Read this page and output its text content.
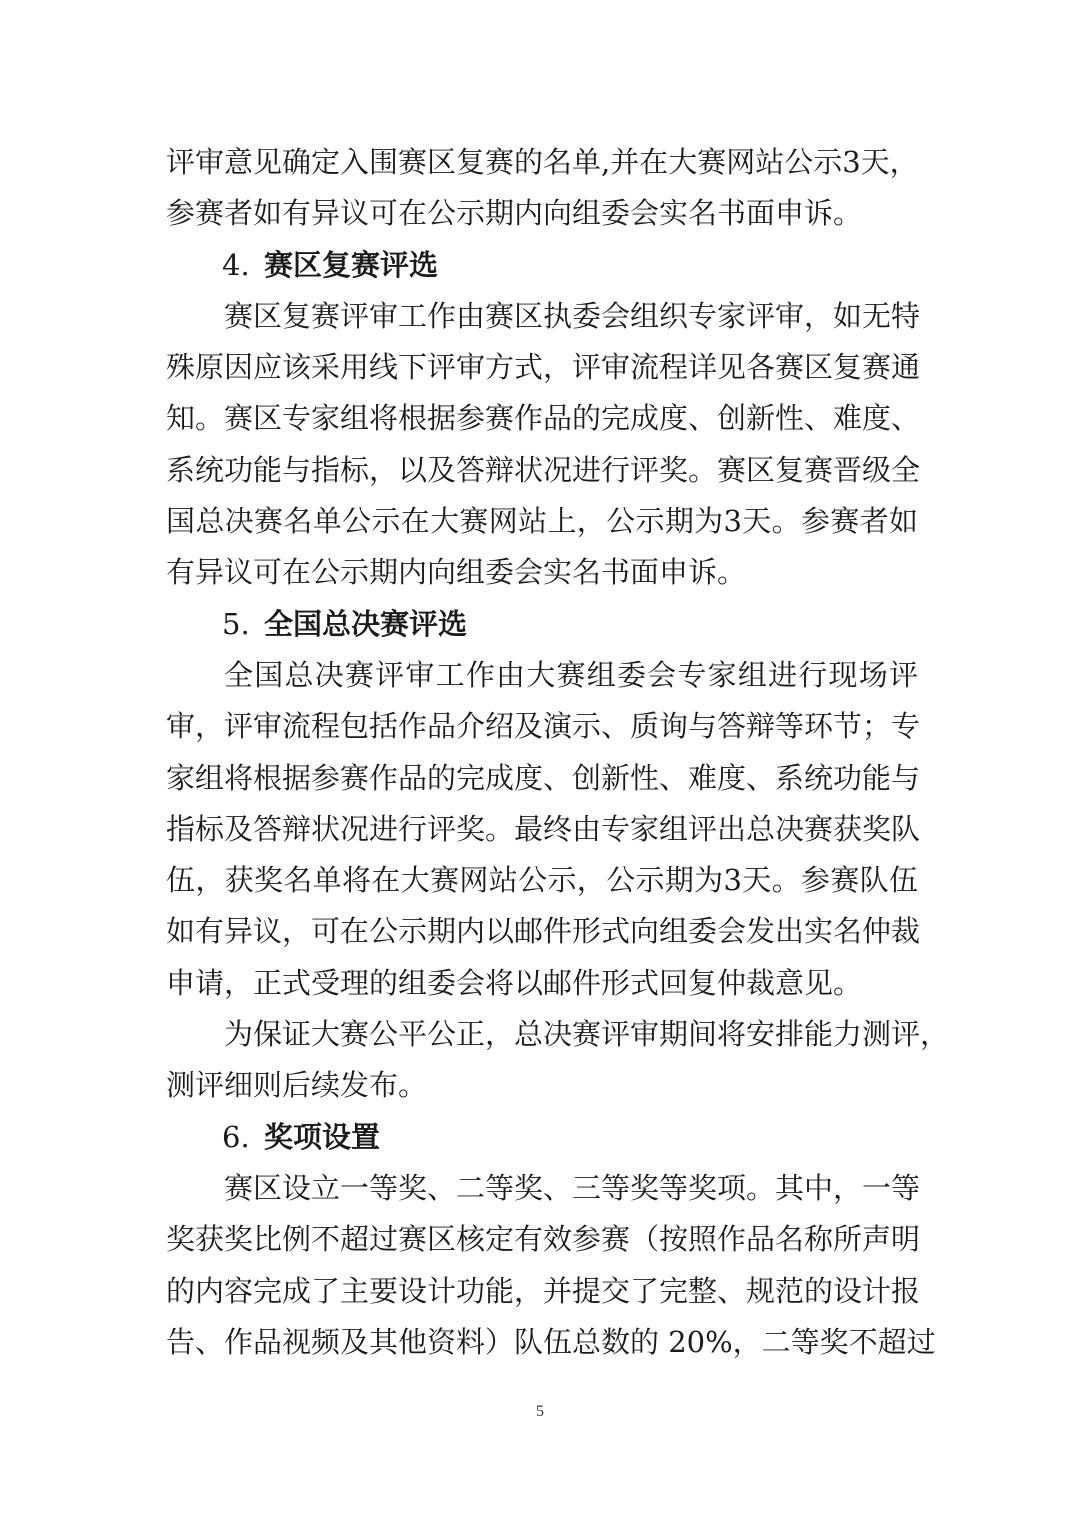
评审意见确定入围赛区复赛的名单,并在大赛网站公示3天，
参赛者如有异议可在公示期内向组委会实名书面申诉。
4. 赛区复赛评选
赛区复赛评审工作由赛区执委会组织专家评审，如无特
殊原因应该采用线下评审方式，评审流程详见各赛区复赛通
知。赛区专家组将根据参赛作品的完成度、创新性、难度、
系统功能与指标，以及答辩状况进行评奖。赛区复赛晋级全
国总决赛名单公示在大赛网站上，公示期为3天。参赛者如
有异议可在公示期内向组委会实名书面申诉。
5. 全国总决赛评选
全国总决赛评审工作由大赛组委会专家组进行现场评
审，评审流程包括作品介绍及演示、质询与答辩等环节；专
家组将根据参赛作品的完成度、创新性、难度、系统功能与
指标及答辩状况进行评奖。最终由专家组评出总决赛获奖队
伍，获奖名单将在大赛网站公示，公示期为3天。参赛队伍
如有异议，可在公示期内以邮件形式向组委会发出实名仲裁
申请，正式受理的组委会将以邮件形式回复仲裁意见。
为保证大赛公平公正，总决赛评审期间将安排能力测评，
测评细则后续发布。
6. 奖项设置
赛区设立一等奖、二等奖、三等奖等奖项。其中，一等
奖获奖比例不超过赛区核定有效参赛（按照作品名称所声明
的内容完成了主要设计功能，并提交了完整、规范的设计报
告、作品视频及其他资料）队伍总数的 20%，二等奖不超过
5
